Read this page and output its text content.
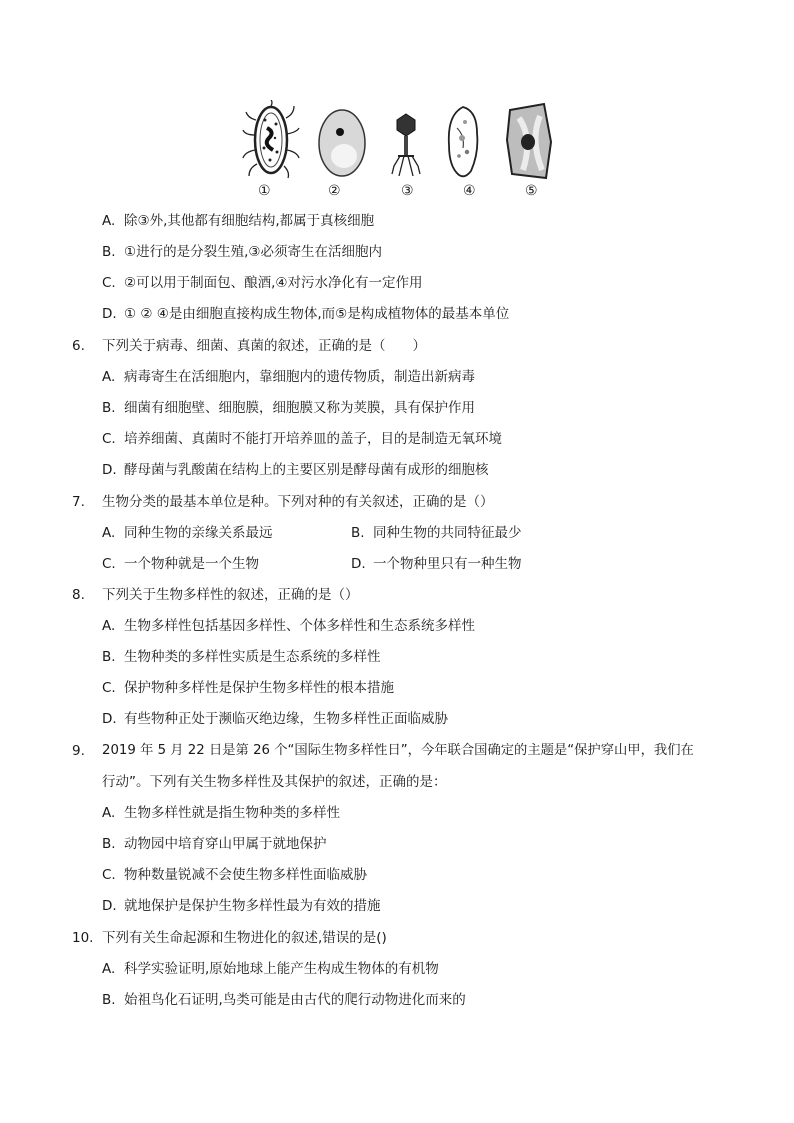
①	②	③	④	⑤
A. 除③外,其他都有细胞结构,都属于真核细胞
B. ①进行的是分裂生殖,③必须寄生在活细胞内
C. ②可以用于制面包、酿酒,④对污水净化有一定作用
D. ① ② ④是由细胞直接构成生物体,而⑤是构成植物体的最基本单位
6. 下列关于病毒、细菌、真菌的叙述，正确的是（　　）
A. 病毒寄生在活细胞内，靠细胞内的遗传物质，制造出新病毒
B. 细菌有细胞壁、细胞膜，细胞膜又称为荚膜，具有保护作用
C. 培养细菌、真菌时不能打开培养皿的盖子，目的是制造无氧环境
D. 酵母菌与乳酸菌在结构上的主要区别是酵母菌有成形的细胞核
7. 生物分类的最基本单位是种。下列对种的有关叙述，正确的是（）
A. 同种生物的亲缘关系最远	B. 同种生物的共同特征最少
C. 一个物种就是一个生物	D. 一个物种里只有一种生物
8. 下列关于生物多样性的叙述，正确的是（）
A. 生物多样性包括基因多样性、个体多样性和生态系统多样性
B. 生物种类的多样性实质是生态系统的多样性
C. 保护物种多样性是保护生物多样性的根本措施
D. 有些物种正处于濒临灭绝边缘，生物多样性正面临威胁
9. 2019 年 5 月 22 日是第 26 个“国际生物多样性日”，今年联合国确定的主题是“保护穿山甲，我们在
行动”。下列有关生物多样性及其保护的叙述，正确的是：
A. 生物多样性就是指生物种类的多样性
B. 动物园中培育穿山甲属于就地保护
C. 物种数量锐减不会使生物多样性面临威胁
D. 就地保护是保护生物多样性最为有效的措施
10. 下列有关生命起源和生物进化的叙述,错误的是()
A. 科学实验证明,原始地球上能产生构成生物体的有机物
B. 始祖鸟化石证明,鸟类可能是由古代的爬行动物进化而来的
